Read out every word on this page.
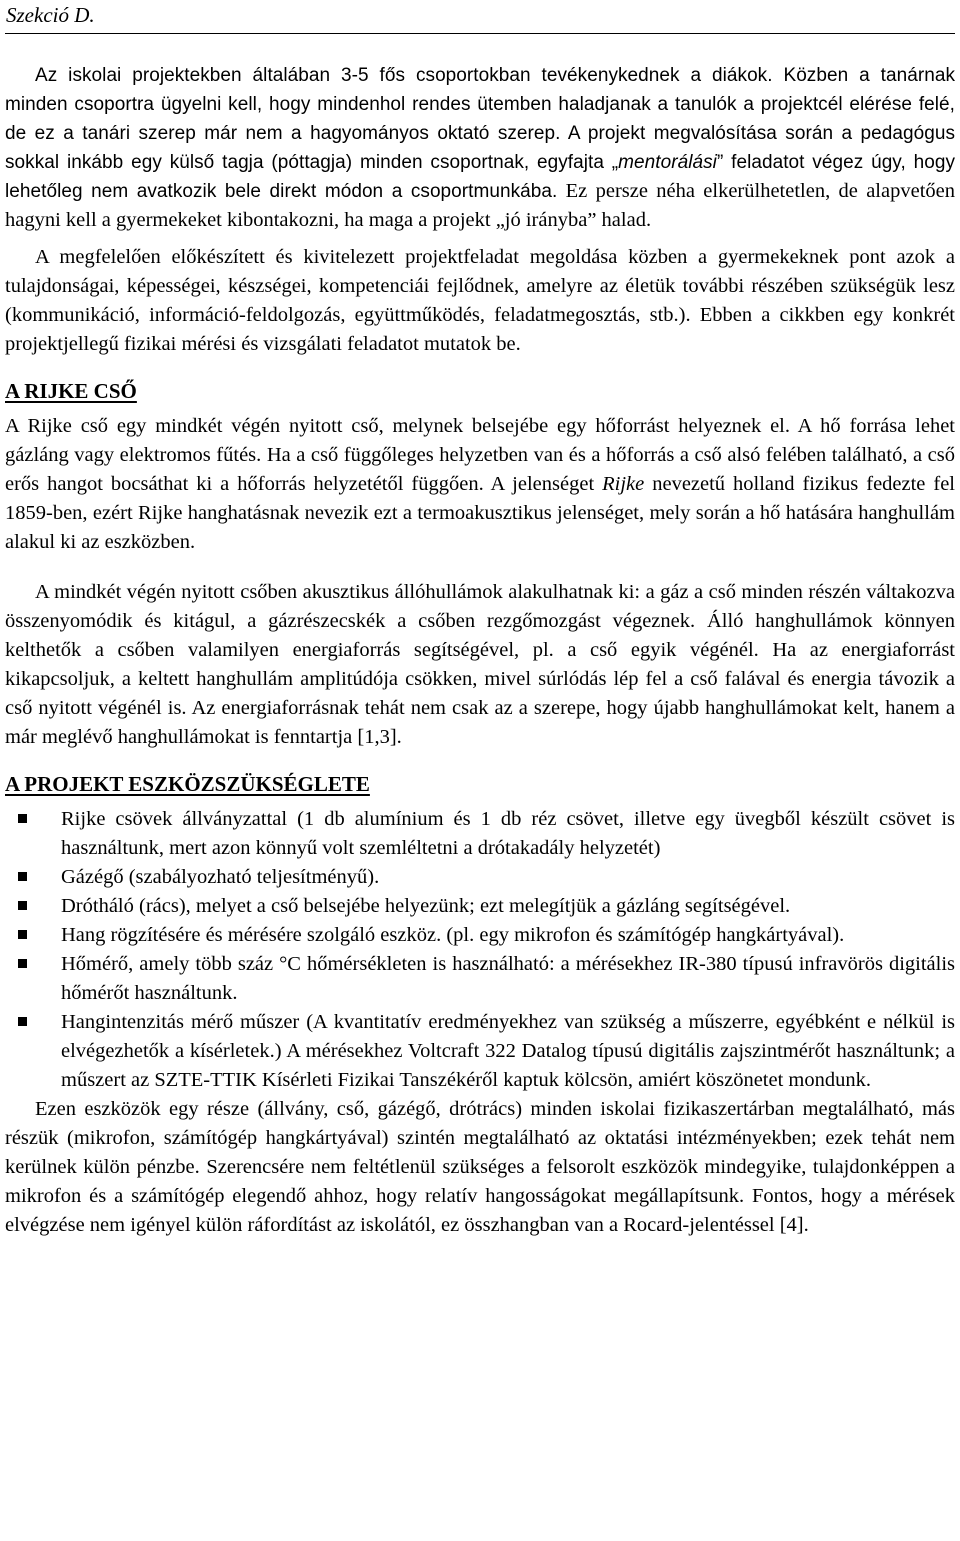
Szekció D.

Az iskolai projektekben általában 3-5 fős csoportokban tevékenykednek a diákok. Közben a tanárnak minden csoportra ügyelni kell, hogy mindenhol rendes ütemben haladjanak a tanulók a projektcél elérése felé, de ez a tanári szerep már nem a hagyományos oktató szerep. A projekt megvalósítása során a pedagógus sokkal inkább egy külső tagja (póttagja) minden csoportnak, egyfajta „mentorálási” feladatot végez úgy, hogy lehetőleg nem avatkozik bele direkt módon a csoportmunkába. Ez persze néha elkerülhetetlen, de alapvetően hagyni kell a gyermekeket kibontakozni, ha maga a projekt „jó irányba” halad.

A megfelelően előkészített és kivitelezett projektfeladat megoldása közben a gyermekeknek pont azok a tulajdonságai, képességei, készségei, kompetenciái fejlődnek, amelyre az életük további részében szükségük lesz (kommunikáció, információ-feldolgozás, együttműködés, feladatmegosztás, stb.). Ebben a cikkben egy konkrét projektjellegű fizikai mérési és vizsgálati feladatot mutatok be.

A RIJKE CSŐ

A Rijke cső egy mindkét végén nyitott cső, melynek belsejébe egy hőforrást helyeznek el. A hő forrása lehet gázláng vagy elektromos fűtés. Ha a cső függőleges helyzetben van és a hőforrás a cső alsó felében található, a cső erős hangot bocsáthat ki a hőforrás helyzetétől függően. A jelenséget Rijke nevezetű holland fizikus fedezte fel 1859-ben, ezért Rijke hanghatásnak nevezik ezt a termoakusztikus jelenséget, mely során a hő hatására hanghullám alakul ki az eszközben.

A mindkét végén nyitott csőben akusztikus állóhullámok alakulhatnak ki: a gáz a cső minden részén váltakozva összenyomódik és kitágul, a gázrészecskék a csőben rezgőmozgást végeznek. Álló hanghullámok könnyen kelthetők a csőben valamilyen energiaforrás segítségével, pl. a cső egyik végénél. Ha az energiaforrást kikapcsoljuk, a keltett hanghullám amplitúdója csökken, mivel súrlódás lép fel a cső falával és energia távozik a cső nyitott végénél is. Az energiaforrásnak tehát nem csak az a szerepe, hogy újabb hanghullámokat kelt, hanem a már meglévő hanghullámokat is fenntartja [1,3].

A PROJEKT ESZKÖZSZÜKSÉGLETE
Rijke csövek állványzattal (1 db alumínium és 1 db réz csövet, illetve egy üvegből készült csövet is használtunk, mert azon könnyű volt szemléltetni a drótakadály helyzetét)
Gázégő (szabályozható teljesítményű).
Drótháló (rács), melyet a cső belsejébe helyezünk; ezt melegítjük a gázláng segítségével.
Hang rögzítésére és mérésére szolgáló eszköz. (pl. egy mikrofon és számítógép hangkártyával).
Hőmérő, amely több száz °C hőmérsékleten is használható: a mérésekhez IR-380 típusú infravörös digitális hőmérőt használtunk.
Hangintenzitás mérő műszer (A kvantitatív eredményekhez van szükség a műszerre, egyébként e nélkül is elvégezhetők a kísérletek.) A mérésekhez Voltcraft 322 Datalog típusú digitális zajszintmérőt használtunk; a műszert az SZTE-TTIK Kísérleti Fizikai Tanszékéről kaptuk kölcsön, amiért köszönetet mondunk.

Ezen eszközök egy része (állvány, cső, gázégő, drótrács) minden iskolai fizikaszertárban megtalálható, más részük (mikrofon, számítógép hangkártyával) szintén megtalálható az oktatási intézményekben; ezek tehát nem kerülnek külön pénzbe. Szerencsére nem feltétlenül szükséges a felsorolt eszközök mindegyike, tulajdonképpen a mikrofon és a számítógép elegendő ahhoz, hogy relatív hangosságokat megállapítsunk. Fontos, hogy a mérések elvégzése nem igényel külön ráfordítást az iskolától, ez összhangban van a Rocard-jelentéssel [4].
